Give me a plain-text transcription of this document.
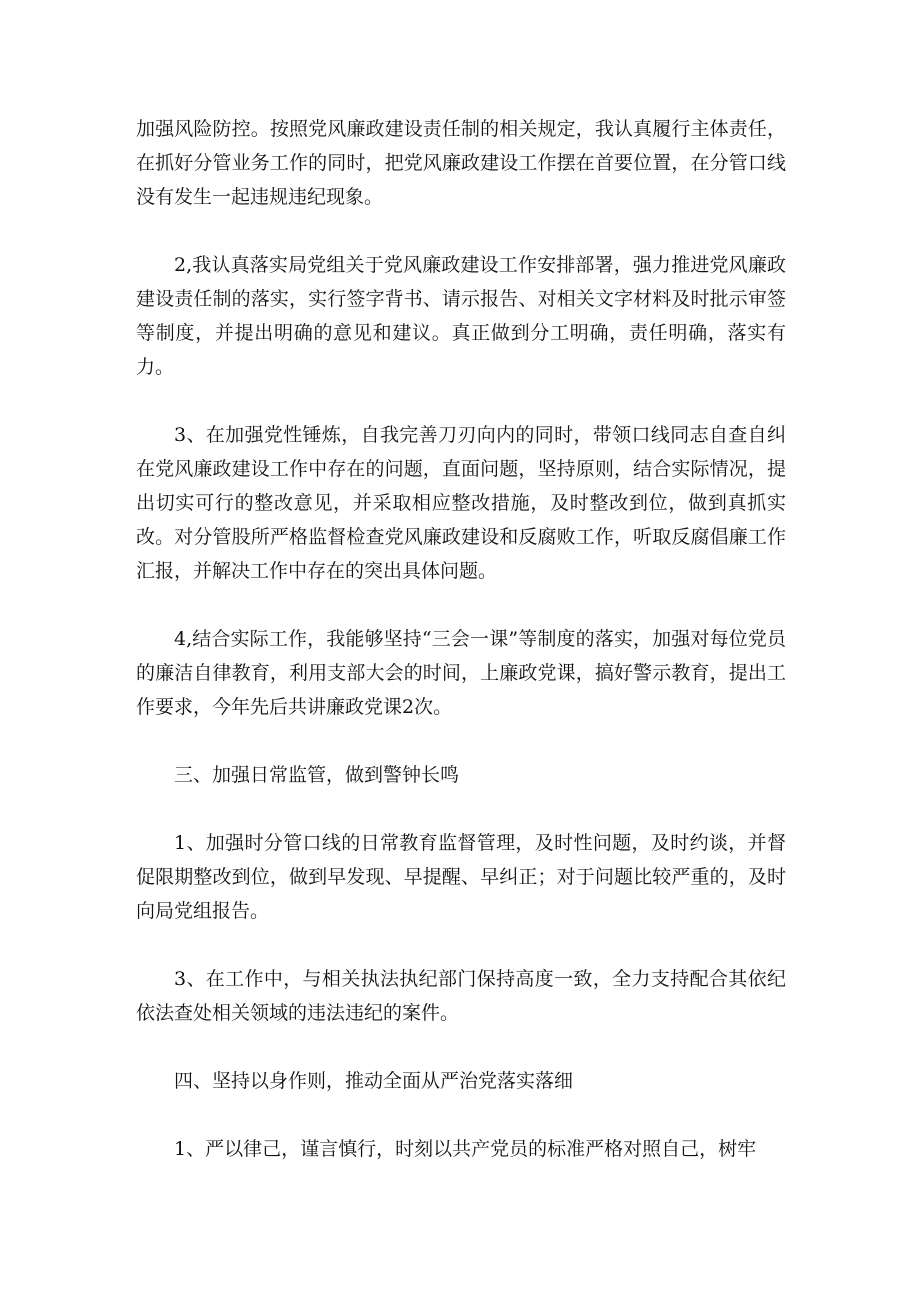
加强风险防控。按照党风廉政建设责任制的相关规定，我认真履行主体责任，在抓好分管业务工作的同时，把党风廉政建设工作摆在首要位置，在分管口线没有发生一起违规违纪现象。

2,我认真落实局党组关于党风廉政建设工作安排部署，强力推进党风廉政建设责任制的落实，实行签字背书、请示报告、对相关文字材料及时批示审签等制度，并提出明确的意见和建议。真正做到分工明确，责任明确，落实有力。

3、在加强党性锤炼，自我完善刀刃向内的同时，带领口线同志自查自纠在党风廉政建设工作中存在的问题，直面问题，坚持原则，结合实际情况，提出切实可行的整改意见，并采取相应整改措施，及时整改到位，做到真抓实改。对分管股所严格监督检查党风廉政建设和反腐败工作，听取反腐倡廉工作汇报，并解决工作中存在的突出具体问题。

4,结合实际工作，我能够坚持“三会一课”等制度的落实，加强对每位党员的廉洁自律教育，利用支部大会的时间，上廉政党课，搞好警示教育，提出工作要求，今年先后共讲廉政党课2次。

三、加强日常监管，做到警钟长鸣

1、加强时分管口线的日常教育监督管理，及时性问题，及时约谈，并督促限期整改到位，做到早发现、早提醒、早纠正；对于问题比较严重的，及时向局党组报告。

3、在工作中，与相关执法执纪部门保持高度一致，全力支持配合其依纪依法查处相关领域的违法违纪的案件。

四、坚持以身作则，推动全面从严治党落实落细

1、严以律己，谨言慎行，时刻以共产党员的标准严格对照自己，树牢
